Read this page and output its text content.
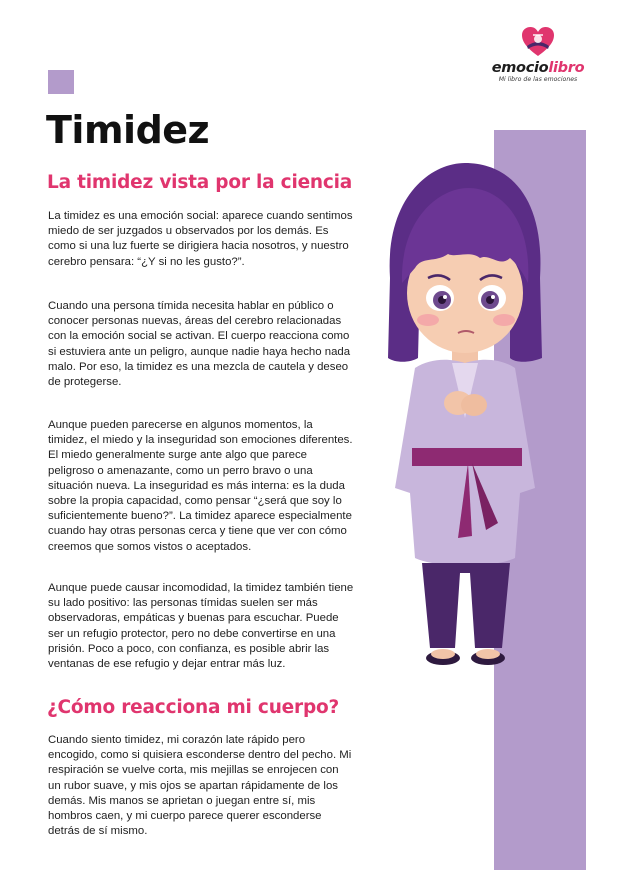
emociolibro
Mi libro de las emociones
Timidez
La timidez vista por la ciencia

La timidez es una emoción social: aparece cuando sentimos miedo de ser juzgados u observados por los demás. Es como si una luz fuerte se dirigiera hacia nosotros, y nuestro cerebro pensara: “¿Y si no les gusto?”.

Cuando una persona tímida necesita hablar en público o conocer personas nuevas, áreas del cerebro relacionadas con la emoción social se activan. El cuerpo reacciona como si estuviera ante un peligro, aunque nadie haya hecho nada malo. Por eso, la timidez es una mezcla de cautela y deseo de protegerse.

Aunque pueden parecerse en algunos momentos, la timidez, el miedo y la inseguridad son emociones diferentes. El miedo generalmente surge ante algo que parece peligroso o amenazante, como un perro bravo o una situación nueva. La inseguridad es más interna: es la duda sobre la propia capacidad, como pensar “¿será que soy lo suficientemente bueno?”. La timidez aparece especialmente cuando hay otras personas cerca y tiene que ver con cómo creemos que somos vistos o aceptados.

Aunque puede causar incomodidad, la timidez también tiene su lado positivo: las personas tímidas suelen ser más observadoras, empáticas y buenas para escuchar. Puede ser un refugio protector, pero no debe convertirse en una prisión. Poco a poco, con confianza, es posible abrir las ventanas de ese refugio y dejar entrar más luz.

¿Cómo reacciona mi cuerpo?

Cuando siento timidez, mi corazón late rápido pero encogido, como si quisiera esconderse dentro del pecho. Mi respiración se vuelve corta, mis mejillas se enrojecen con un rubor suave, y mis ojos se apartan rápidamente de los demás. Mis manos se aprietan o juegan entre sí, mis hombros caen, y mi cuerpo parece querer esconderse detrás de sí mismo.
